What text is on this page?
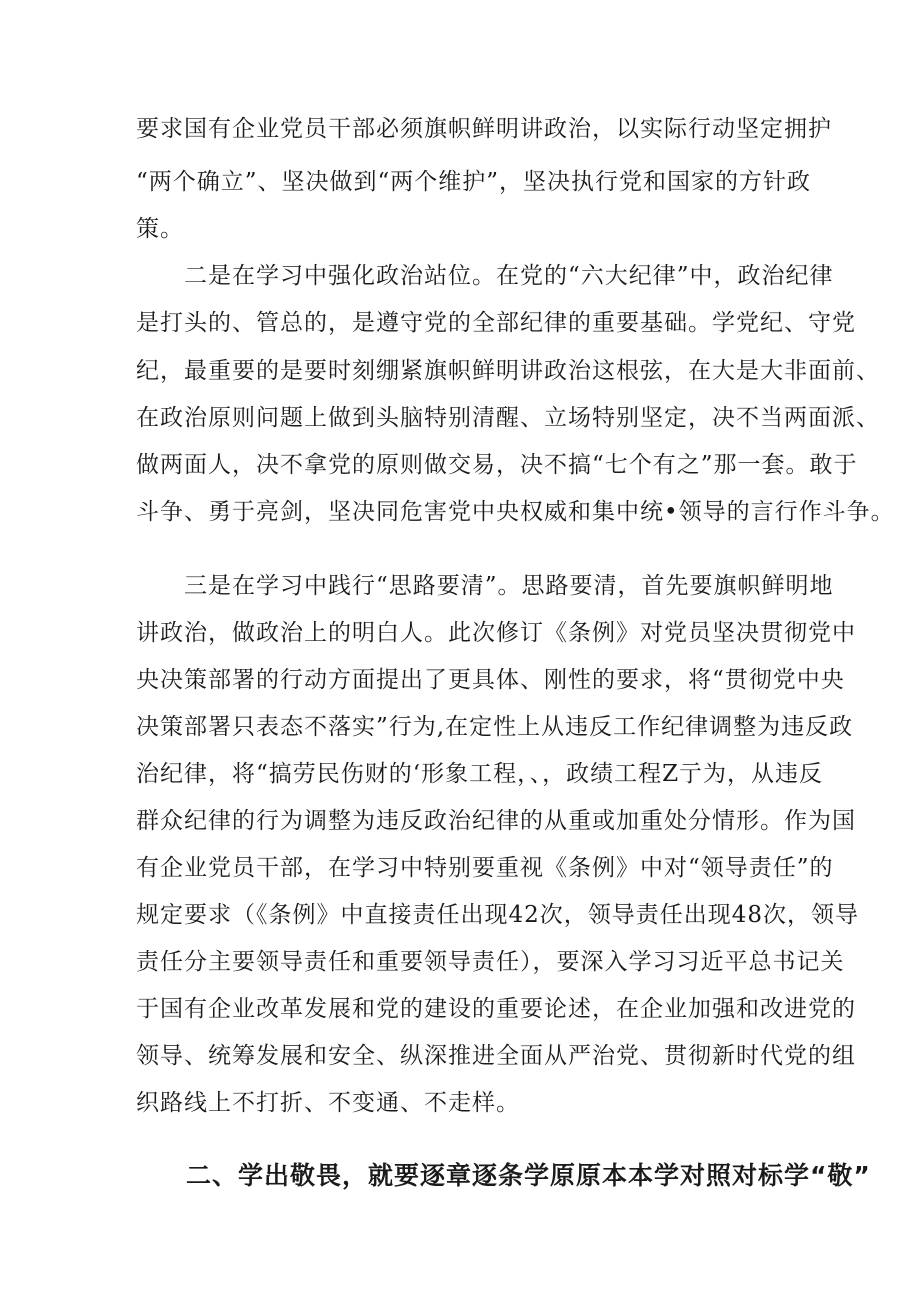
要求国有企业党员干部必须旗帜鲜明讲政治，以实际行动坚定拥护
“两个确立”、坚决做到“两个维护”，坚决执行党和国家的方针政
策。
二是在学习中强化政治站位。在党的“六大纪律”中，政治纪律
是打头的、管总的，是遵守党的全部纪律的重要基础。学党纪、守党
纪，最重要的是要时刻绷紧旗帜鲜明讲政治这根弦，在大是大非面前、
在政治原则问题上做到头脑特别清醒、立场特别坚定，决不当两面派、
做两面人，决不拿党的原则做交易，决不搞“七个有之”那一套。敢于
斗争、勇于亮剑，坚决同危害党中央权威和集中统•领导的言行作斗争。
三是在学习中践行“思路要清”。思路要清，首先要旗帜鲜明地
讲政治，做政治上的明白人。此次修订《条例》对党员坚决贯彻党中
央决策部署的行动方面提出了更具体、刚性的要求，将“贯彻党中央
决策部署只表态不落实”行为,在定性上从违反工作纪律调整为违反政
治纪律，将“搞劳民伤财的‘形象工程，、，政绩工程Z亍为，从违反
群众纪律的行为调整为违反政治纪律的从重或加重处分情形。作为国
有企业党员干部，在学习中特别要重视《条例》中对“领导责任”的
规定要求（《条例》中直接责任出现42次，领导责任出现48次，领导
责任分主要领导责任和重要领导责任），要深入学习习近平总书记关
于国有企业改革发展和党的建设的重要论述，在企业加强和改进党的
领导、统筹发展和安全、纵深推进全面从严治党、贯彻新时代党的组
织路线上不打折、不变通、不走样。
二、学出敬畏，就要逐章逐条学原原本本学对照对标学“敬”
